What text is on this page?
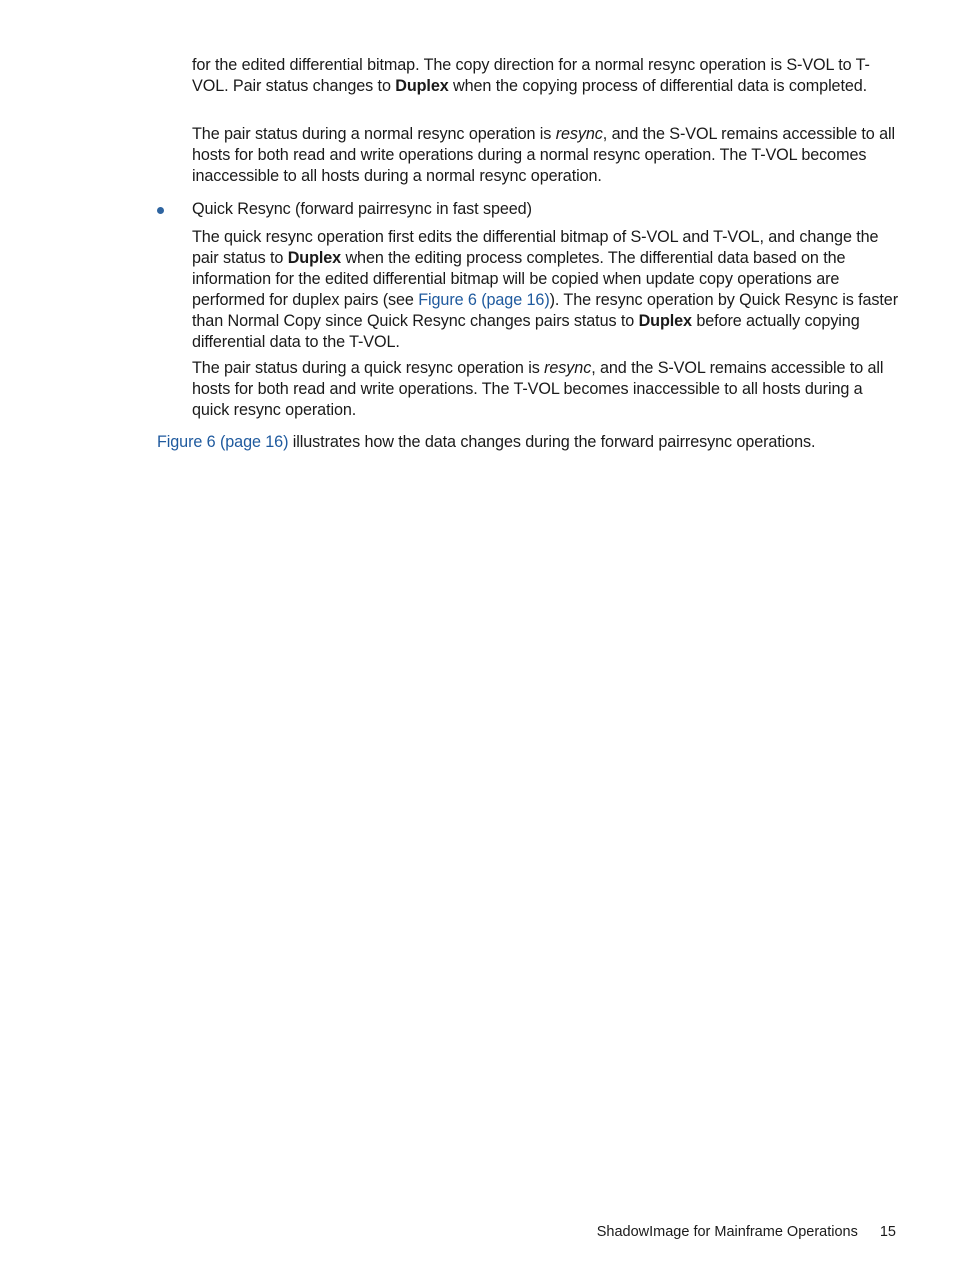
for the edited differential bitmap. The copy direction for a normal resync operation is S-VOL to T-VOL. Pair status changes to Duplex when the copying process of differential data is completed.

The pair status during a normal resync operation is resync, and the S-VOL remains accessible to all hosts for both read and write operations during a normal resync operation. The T-VOL becomes inaccessible to all hosts during a normal resync operation.

Quick Resync (forward pairresync in fast speed)

The quick resync operation first edits the differential bitmap of S-VOL and T-VOL, and change the pair status to Duplex when the editing process completes. The differential data based on the information for the edited differential bitmap will be copied when update copy operations are performed for duplex pairs (see Figure 6 (page 16)). The resync operation by Quick Resync is faster than Normal Copy since Quick Resync changes pairs status to Duplex before actually copying differential data to the T-VOL.

The pair status during a quick resync operation is resync, and the S-VOL remains accessible to all hosts for both read and write operations. The T-VOL becomes inaccessible to all hosts during a quick resync operation.

Figure 6 (page 16) illustrates how the data changes during the forward pairresync operations.

ShadowImage for Mainframe Operations 15
